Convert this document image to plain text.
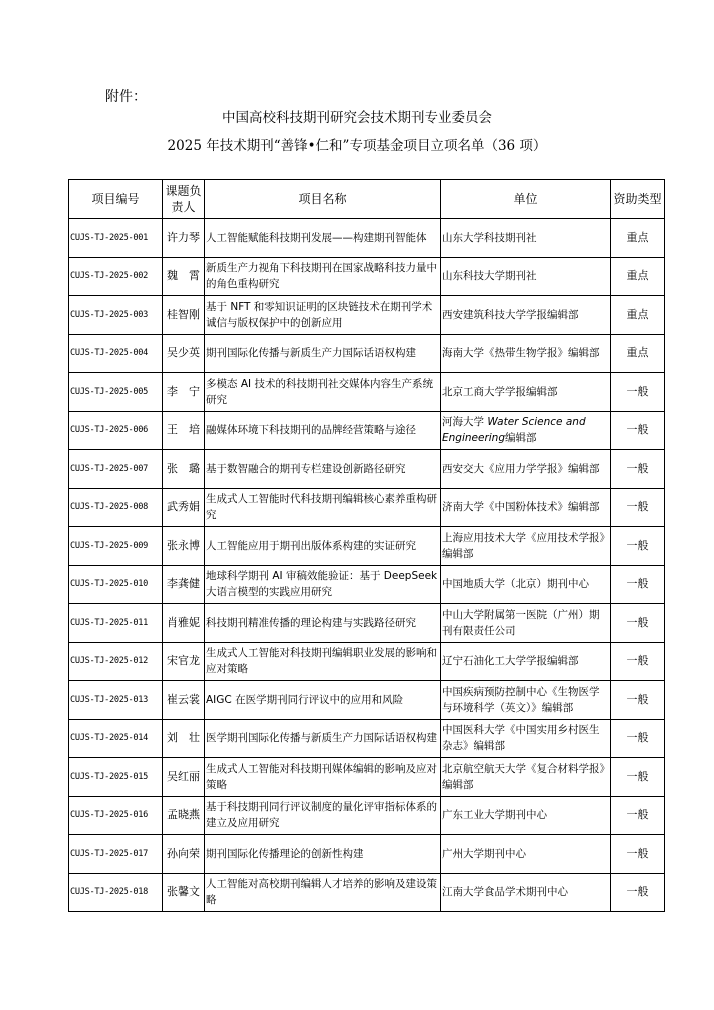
附件：
中国高校科技期刊研究会技术期刊专业委员会
2025 年技术期刊“善锋•仁和”专项基金项目立项名单（36 项）
项目编号	课题负责人	项目名称	单位	资助类型
CUJS-TJ-2025-001	许力琴	人工智能赋能科技期刊发展——构建期刊智能体	山东大学科技期刊社	重点
CUJS-TJ-2025-002	魏　霄	新质生产力视角下科技期刊在国家战略科技力量中的角色重构研究	山东科技大学期刊社	重点
CUJS-TJ-2025-003	桂智刚	基于 NFT 和零知识证明的区块链技术在期刊学术诚信与版权保护中的创新应用	西安建筑科技大学学报编辑部	重点
CUJS-TJ-2025-004	吴少英	期刊国际化传播与新质生产力国际话语权构建	海南大学《热带生物学报》编辑部	重点
CUJS-TJ-2025-005	李　宁	多模态 AI 技术的科技期刊社交媒体内容生产系统研究	北京工商大学学报编辑部	一般
CUJS-TJ-2025-006	王　培	融媒体环境下科技期刊的品牌经营策略与途径	河海大学 Water Science and Engineering编辑部	一般
CUJS-TJ-2025-007	张　璐	基于数智融合的期刊专栏建设创新路径研究	西安交大《应用力学学报》编辑部	一般
CUJS-TJ-2025-008	武秀娟	生成式人工智能时代科技期刊编辑核心素养重构研究	济南大学《中国粉体技术》编辑部	一般
CUJS-TJ-2025-009	张永博	人工智能应用于期刊出版体系构建的实证研究	上海应用技术大学《应用技术学报》编辑部	一般
CUJS-TJ-2025-010	李龚健	地球科学期刊 AI 审稿效能验证：基于 DeepSeek 大语言模型的实践应用研究	中国地质大学（北京）期刊中心	一般
CUJS-TJ-2025-011	肖雅妮	科技期刊精准传播的理论构建与实践路径研究	中山大学附属第一医院（广州）期刊有限责任公司	一般
CUJS-TJ-2025-012	宋官龙	生成式人工智能对科技期刊编辑职业发展的影响和应对策略	辽宁石油化工大学学报编辑部	一般
CUJS-TJ-2025-013	崔云裳	AIGC 在医学期刊同行评议中的应用和风险	中国疾病预防控制中心《生物医学与环境科学（英文）》编辑部	一般
CUJS-TJ-2025-014	刘　壮	医学期刊国际化传播与新质生产力国际话语权构建	中国医科大学《中国实用乡村医生杂志》编辑部	一般
CUJS-TJ-2025-015	吴红丽	生成式人工智能对科技期刊媒体编辑的影响及应对策略	北京航空航天大学《复合材料学报》编辑部	一般
CUJS-TJ-2025-016	孟晓燕	基于科技期刊同行评议制度的量化评审指标体系的建立及应用研究	广东工业大学期刊中心	一般
CUJS-TJ-2025-017	孙向荣	期刊国际化传播理论的创新性构建	广州大学期刊中心	一般
CUJS-TJ-2025-018	张馨文	人工智能对高校期刊编辑人才培养的影响及建设策略	江南大学食品学术期刊中心	一般
